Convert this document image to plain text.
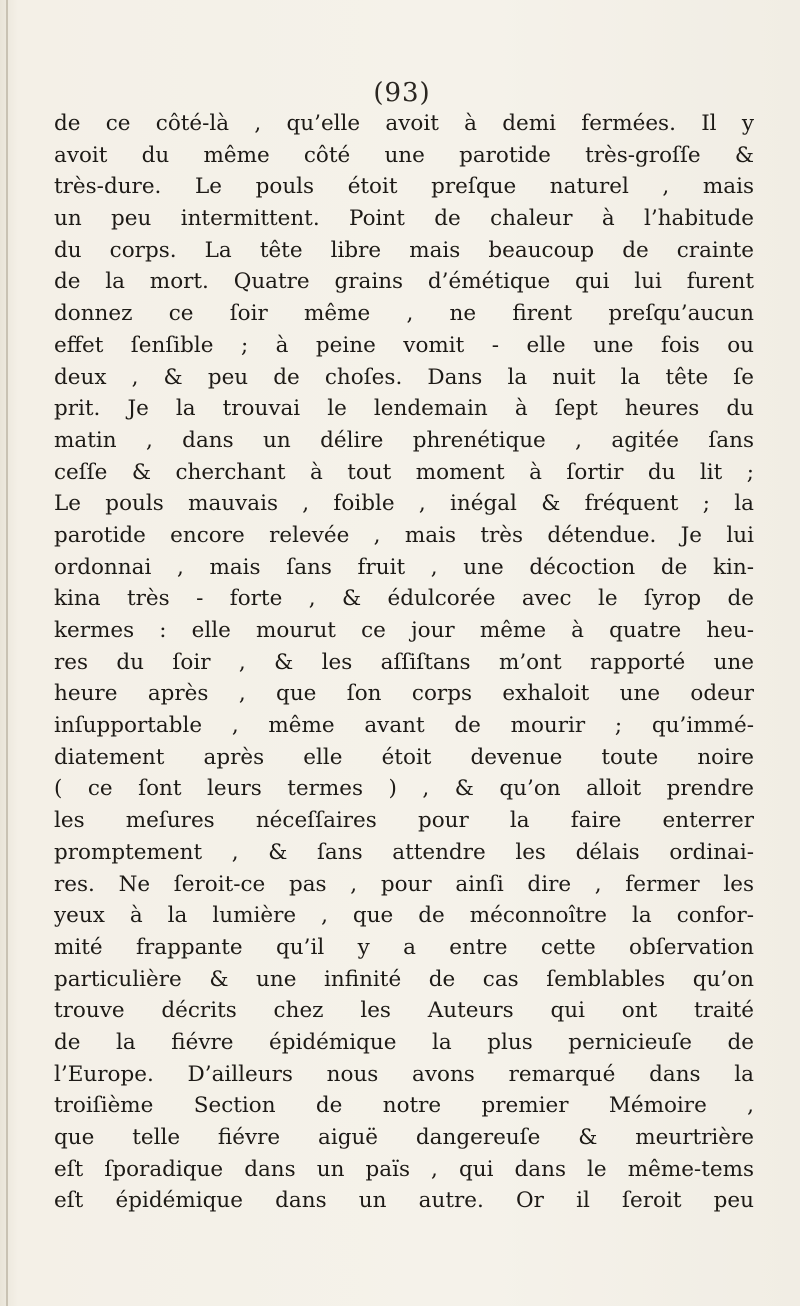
(93)
de ce côté-là , qu’elle avoit à demi fermées. Il y
avoit du même côté une parotide très-groſſe &
très-dure. Le pouls étoit preſque naturel , mais
un peu intermittent. Point de chaleur à l’habitude
du corps. La tête libre mais beaucoup de crainte
de la mort. Quatre grains d’émétique qui lui furent
donnez ce ſoir même , ne firent preſqu’aucun
effet ſenſible ; à peine vomit - elle une fois ou
deux , & peu de choſes. Dans la nuit la tête ſe
prit. Je la trouvai le lendemain à ſept heures du
matin , dans un délire phrenétique , agitée ſans
ceſſe & cherchant à tout moment à ſortir du lit ;
Le pouls mauvais , foible , inégal & fréquent ; la
parotide encore relevée , mais très détendue. Je lui
ordonnai , mais ſans fruit , une décoction de kin-
kina très - forte , & édulcorée avec le ſyrop de
kermes : elle mourut ce jour même à quatre heu-
res du ſoir , & les aſſiſtans m’ont rapporté une
heure après , que ſon corps exhaloit une odeur
inſupportable , même avant de mourir ; qu’immé-
diatement après elle étoit devenue toute noire
( ce ſont leurs termes ) , & qu’on alloit prendre
les meſures néceſſaires pour la faire enterrer
promptement , & ſans attendre les délais ordinai-
res. Ne ſeroit-ce pas , pour ainſi dire , fermer les
yeux à la lumière , que de méconnoître la confor-
mité frappante qu’il y a entre cette obſervation
particulière & une infinité de cas ſemblables qu’on
trouve décrits chez les Auteurs qui ont traité
de la fiévre épidémique la plus pernicieuſe de
l’Europe. D’ailleurs nous avons remarqué dans la
troiſième Section de notre premier Mémoire ,
que telle fiévre aiguë dangereuſe & meurtrière
eſt ſporadique dans un païs , qui dans le même-tems
eſt épidémique dans un autre. Or il ſeroit peu
